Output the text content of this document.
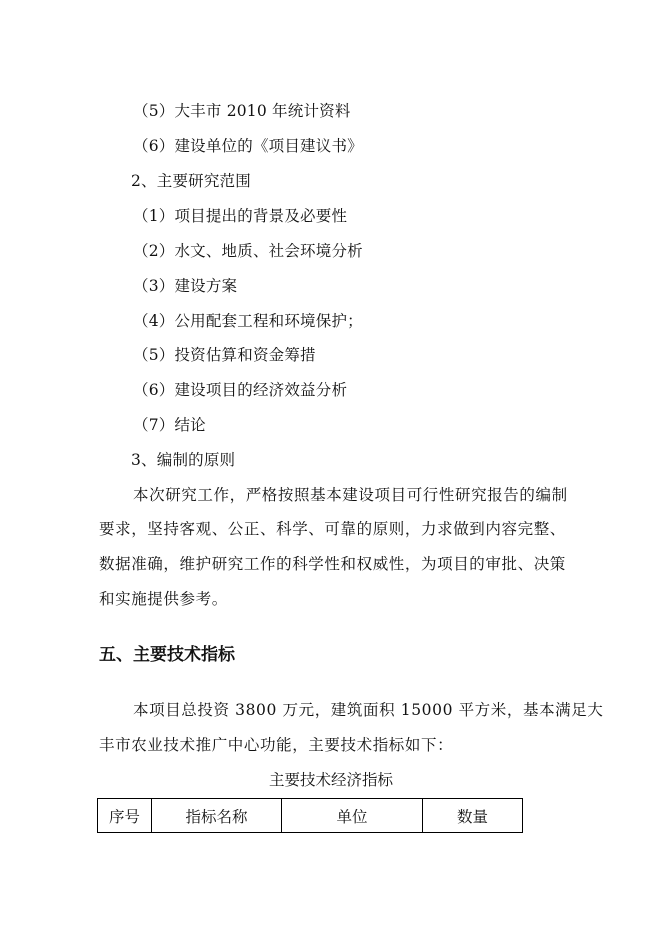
（5）大丰市 2010 年统计资料
（6）建设单位的《项目建议书》
2、主要研究范围
（1）项目提出的背景及必要性
（2）水文、地质、社会环境分析
（3）建设方案
（4）公用配套工程和环境保护；
（5）投资估算和资金筹措
（6）建设项目的经济效益分析
（7）结论
3、编制的原则
本次研究工作，严格按照基本建设项目可行性研究报告的编制
要求，坚持客观、公正、科学、可靠的原则，力求做到内容完整、
数据准确，维护研究工作的科学性和权威性，为项目的审批、决策
和实施提供参考。
五、主要技术指标
本项目总投资 3800 万元，建筑面积 15000 平方米，基本满足大
丰市农业技术推广中心功能，主要技术指标如下：
主要技术经济指标
序号	指标名称	单位	数量
